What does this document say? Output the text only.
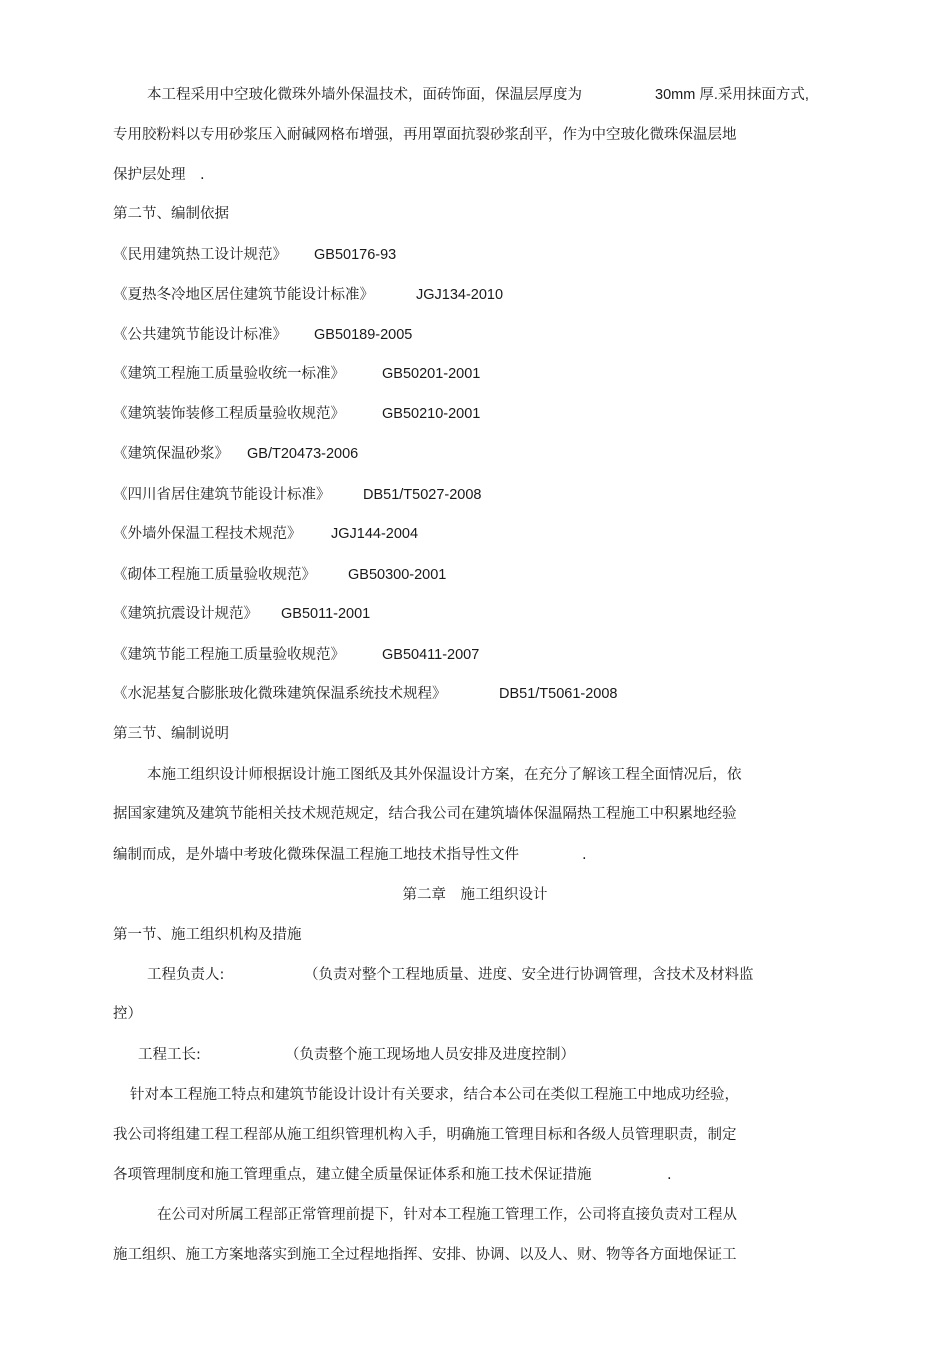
本工程采用中空玻化微珠外墙外保温技术，面砖饰面，保温层厚度为	30mm 厚.采用抹面方式,
专用胶粉料以专用砂浆压入耐碱网格布增强，再用罩面抗裂砂浆刮平，作为中空玻化微珠保温层地
保护层处理　.
第二节、编制依据
《民用建筑热工设计规范》 GB50176-93
《夏热冬冷地区居住建筑节能设计标准》	JGJ134-2010
《公共建筑节能设计标准》 GB50189-2005
《建筑工程施工质量验收统一标准》	GB50201-2001
《建筑装饰装修工程质量验收规范》	GB50210-2001
《建筑保温砂浆》 GB/T20473-2006
《四川省居住建筑节能设计标准》 DB51/T5027-2008
《外墙外保温工程技术规范》 JGJ144-2004
《砌体工程施工质量验收规范》 GB50300-2001
《建筑抗震设计规范》 GB5011-2001
《建筑节能工程施工质量验收规范》	GB50411-2007
《水泥基复合膨胀玻化微珠建筑保温系统技术规程》	DB51/T5061-2008
第三节、编制说明
本施工组织设计师根据设计施工图纸及其外保温设计方案，在充分了解该工程全面情况后，依
据国家建筑及建筑节能相关技术规范规定，结合我公司在建筑墙体保温隔热工程施工中积累地经验
编制而成，是外墙中考玻化微珠保温工程施工地技术指导性文件	.
第二章　施工组织设计
第一节、施工组织机构及措施
工程负责人:	（负责对整个工程地质量、进度、安全进行协调管理，含技术及材料监
控）
工程工长:	（负责整个施工现场地人员安排及进度控制）
针对本工程施工特点和建筑节能设计设计有关要求，结合本公司在类似工程施工中地成功经验，
我公司将组建工程工程部从施工组织管理机构入手，明确施工管理目标和各级人员管理职责，制定
各项管理制度和施工管理重点，建立健全质量保证体系和施工技术保证措施	.
在公司对所属工程部正常管理前提下，针对本工程施工管理工作，公司将直接负责对工程从
施工组织、施工方案地落实到施工全过程地指挥、安排、协调、以及人、财、物等各方面地保证工
